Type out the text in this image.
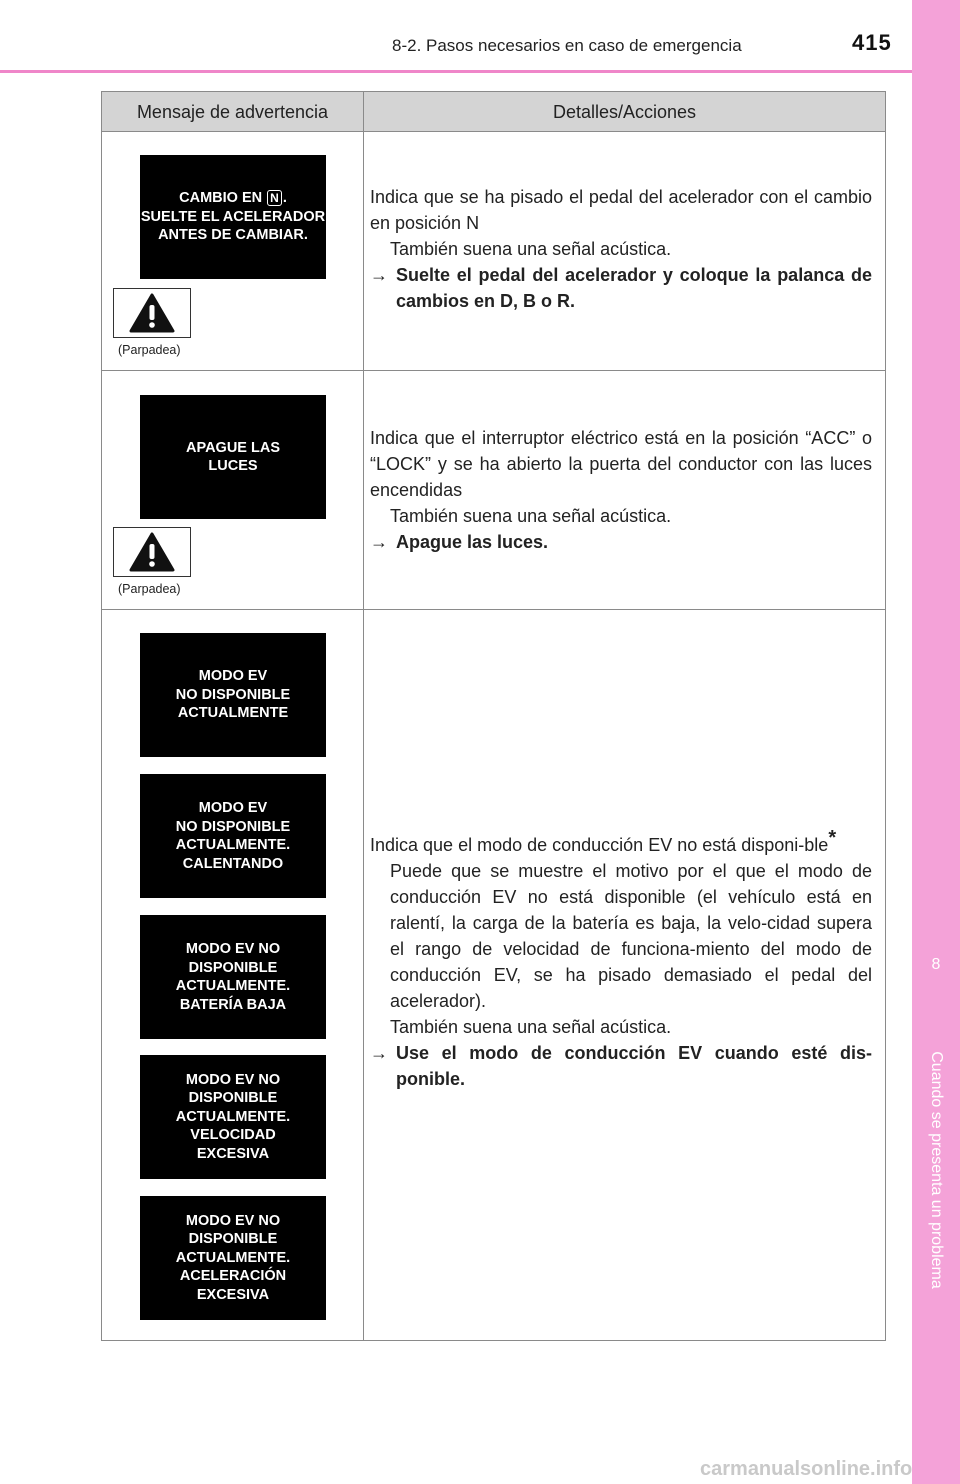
8-2. Pasos necesarios en caso de emergencia	415
8
Cuando se presenta un problema
Mensaje de advertencia	Detalles/Acciones
CAMBIO EN N .
SUELTE EL ACELERADOR
ANTES DE CAMBIAR.
(Parpadea)

Indica que se ha pisado el pedal del acelerador con el cambio en posición N

También suena una señal acústica.

→ Suelte el pedal del acelerador y coloque la palanca de cambios en D, B o R.

APAGUE LAS
LUCES
(Parpadea)

Indica que el interruptor eléctrico está en la posición “ACC” o “LOCK” y se ha abierto la puerta del conductor con las luces encendidas

También suena una señal acústica.

→ Apague las luces.

MODO EV
NO DISPONIBLE
ACTUALMENTE
MODO EV
NO DISPONIBLE
ACTUALMENTE.
CALENTANDO
MODO EV NO
DISPONIBLE
ACTUALMENTE.
BATERÍA BAJA
MODO EV NO
DISPONIBLE
ACTUALMENTE.
VELOCIDAD
EXCESIVA
MODO EV NO
DISPONIBLE
ACTUALMENTE.
ACELERACIÓN
EXCESIVA

Indica que el modo de conducción EV no está disponi-ble*

Puede que se muestre el motivo por el que el modo de conducción EV no está disponible (el vehículo está en ralentí, la carga de la batería es baja, la velo-cidad supera el rango de velocidad de funciona-miento del modo de conducción EV, se ha pisado demasiado el pedal del acelerador).

También suena una señal acústica.

→ Use el modo de conducción EV cuando esté dis-ponible.

carmanualsonline.info
